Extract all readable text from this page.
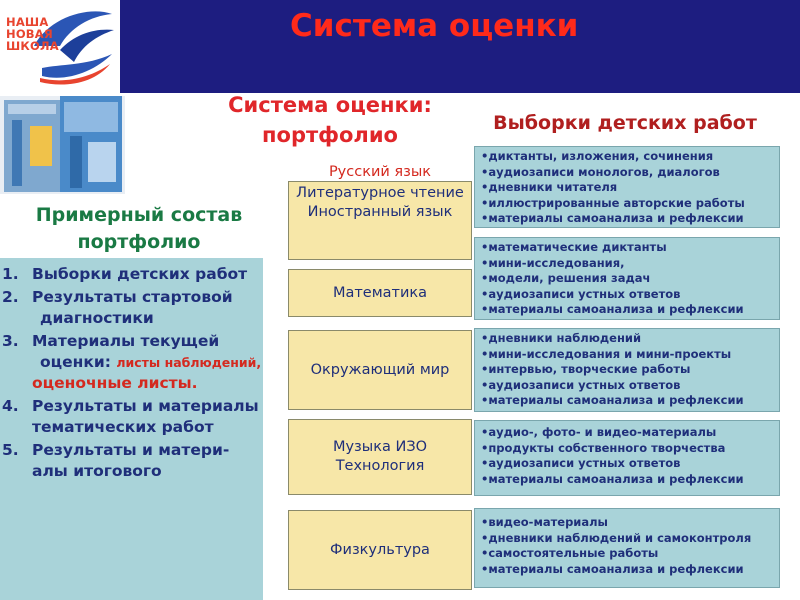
НАША
НОВАЯ
ШКОЛА
Система оценки
Система оценки: портфолио	Выборки детских работ
Примерный состав портфолио
1. Выборки детских работ
2. Результаты стартовой
диагностики
3. Материалы текущей
оценки: листы наблюдений, оценочные листы.
4. Результаты и материалы тематических работ
5. Результаты и матери-алы итогового
Русский язык
Литературное чтение Иностранный язык
Математика
Окружающий мир
Музыка ИЗО Технология
Физкультура
•диктанты, изложения, сочинения
•аудиозаписи монологов, диалогов
•дневники читателя
•иллюстрированные авторские работы
•материалы самоанализа и рефлексии
•математические диктанты
•мини-исследования,
•модели, решения задач
•аудиозаписи устных ответов
•материалы самоанализа и рефлексии
•дневники наблюдений
•мини-исследования и мини-проекты
•интервью, творческие работы
•аудиозаписи устных ответов
•материалы самоанализа и рефлексии
•аудио-, фото- и видео-материалы
•продукты собственного творчества
•аудиозаписи устных ответов
•материалы самоанализа и рефлексии
•видео-материалы
•дневники наблюдений и самоконтроля
•самостоятельные работы
•материалы самоанализа и рефлексии
